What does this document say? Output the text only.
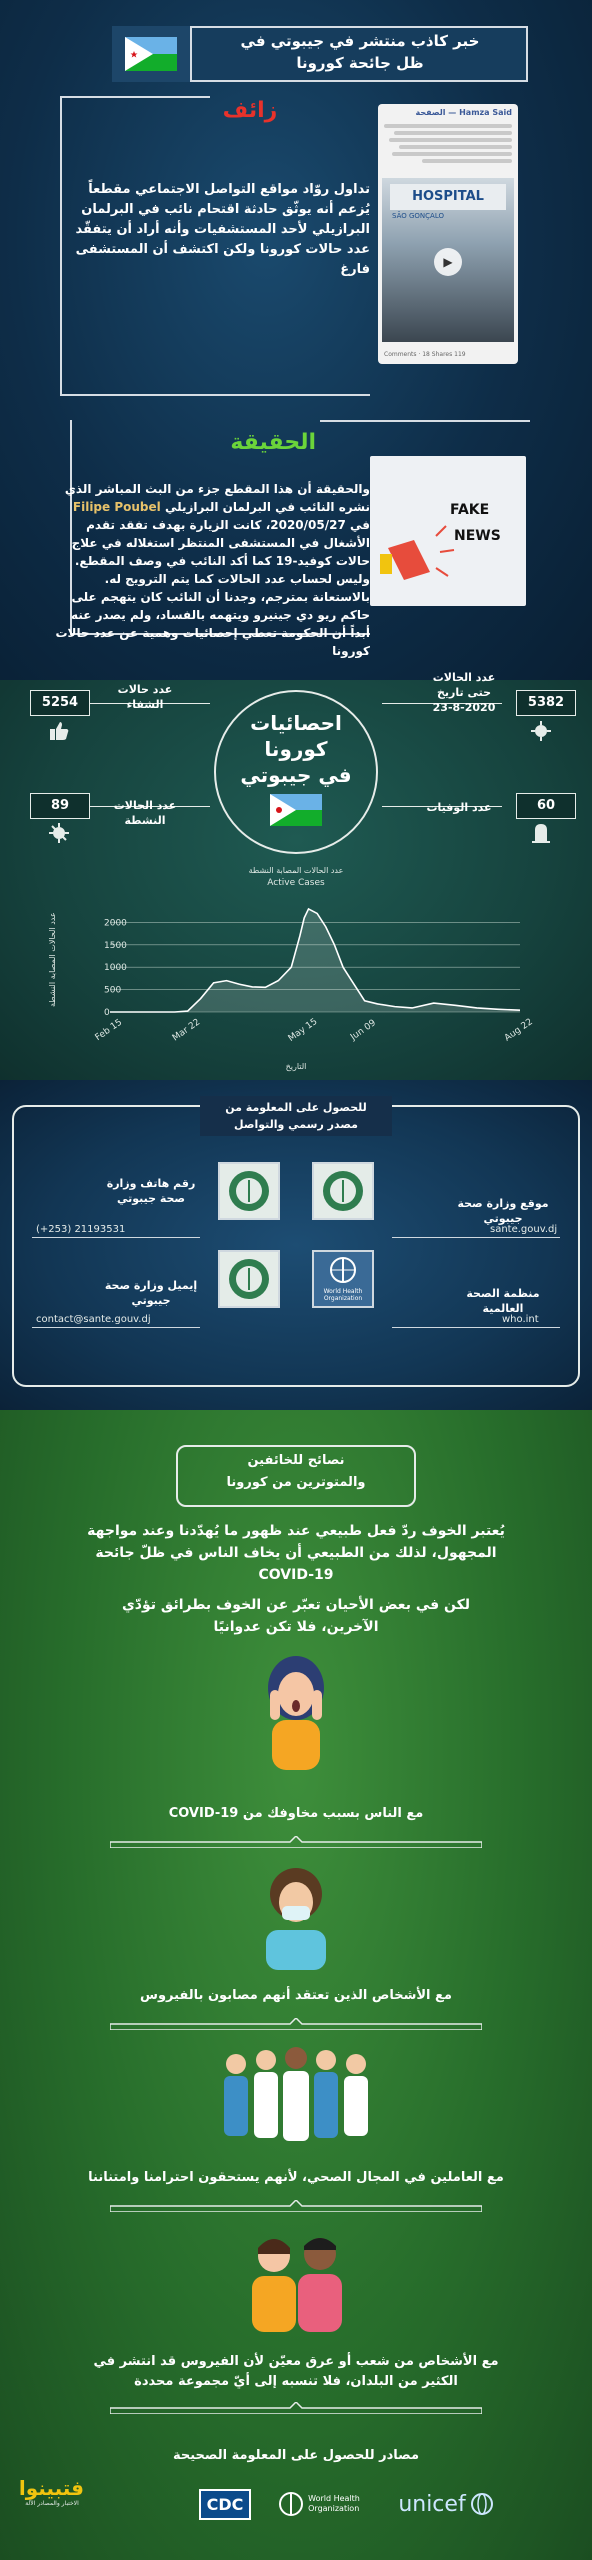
خبر كاذب منتشر في جيبوتي في
ظل جائحة كورونا
زائف
تداول روّاد مواقع التواصل الاجتماعي مقطعاً يُزعم أنه يوثّق حادثة اقتحام نائب في البرلمان البرازيلي لأحد المستشفيات وأنه أراد أن يتفقّد عدد حالات كورونا ولكن اكتشف أن المستشفى فارغ
Hamza Said — الصفحة
HOSPITAL
SÃO GONÇALO
▶
119 Comments · 18 Shares
الحقيقة
والحقيقة أن هذا المقطع جزء من البث المباشر الذي نشره النائب في البرلمان البرازيلي Filipe Poubel في 2020/05/27، كانت الزيارة بهدف تفقد تقدم الأشغال في المستشفى المنتظر استغلاله في علاج حالات كوفيد-19 كما أكد النائب في وصف المقطع. وليس لحساب عدد الحالات كما يتم الترويج له. بالاستعانة بمترجم، وجدنا أن النائب كان يتهجم على حاكم ريو دي جينيرو ويتهمه بالفساد، ولم يصدر عنه أبداً أن الحكومة تعطي إحصائيات وهمية عن عدد حالات كورونا
FAKE
NEWS
احصائيات
كورونا
في جيبوتي
5382
عدد الحالات
حتى تاريخ
23-8-2020
5254
عدد حالات
الشفاء
89	عدد الحالات
النشطة
60
عدد الوفيات
عدد الحالات المصابة النشطة
Active Cases
0
500
1000
1500
2000
Feb 15	Mar 22	May 15	Jun 09	Aug 22
عدد الحالات المصابة النشطة
التاريخ
للحصول على المعلومة من
مصدر رسمي والتواصل
موقع وزارة صحة
جيبوتي
sante.gouv.dj
رقم هاتف وزارة
صحة جيبوتي
(+253) 21193531
World Health
Organization	منظمة الصحة
العالمية
who.int
إيميل وزارة صحة
جيبوتي
contact@sante.gouv.dj
نصائح للخائفين
والمتوترين من كورونا
يُعتبر الخوف ردّ فعل طبيعي عند ظهور ما يُهدّدنا وعند مواجهة
المجهول، لذلك من الطبيعي أن يخاف الناس في ظلّ جائحة
COVID-19
لكن في بعض الأحيان تعبّر عن الخوف بطرائق تؤدّي
الآخرين، فلا تكن عدوانيًا
مع الناس بسبب مخاوفك من COVID-19
مع الأشخاص الذين تعتقد أنهم مصابون بالفيروس
مع العاملين في المجال الصحي، لأنهم يستحقون احترامنا وامتناننا
مع الأشخاص من شعب أو عرق معيّن لأن الفيروس قد انتشر في
الكثير من البلدان، فلا تنسبه إلى أيّ مجموعة محددة
مصادر للحصول على المعلومة الصحيحة
CDC	World Health
Organization unicef
فتبينوا
الاختبار والمصادر الآلة
